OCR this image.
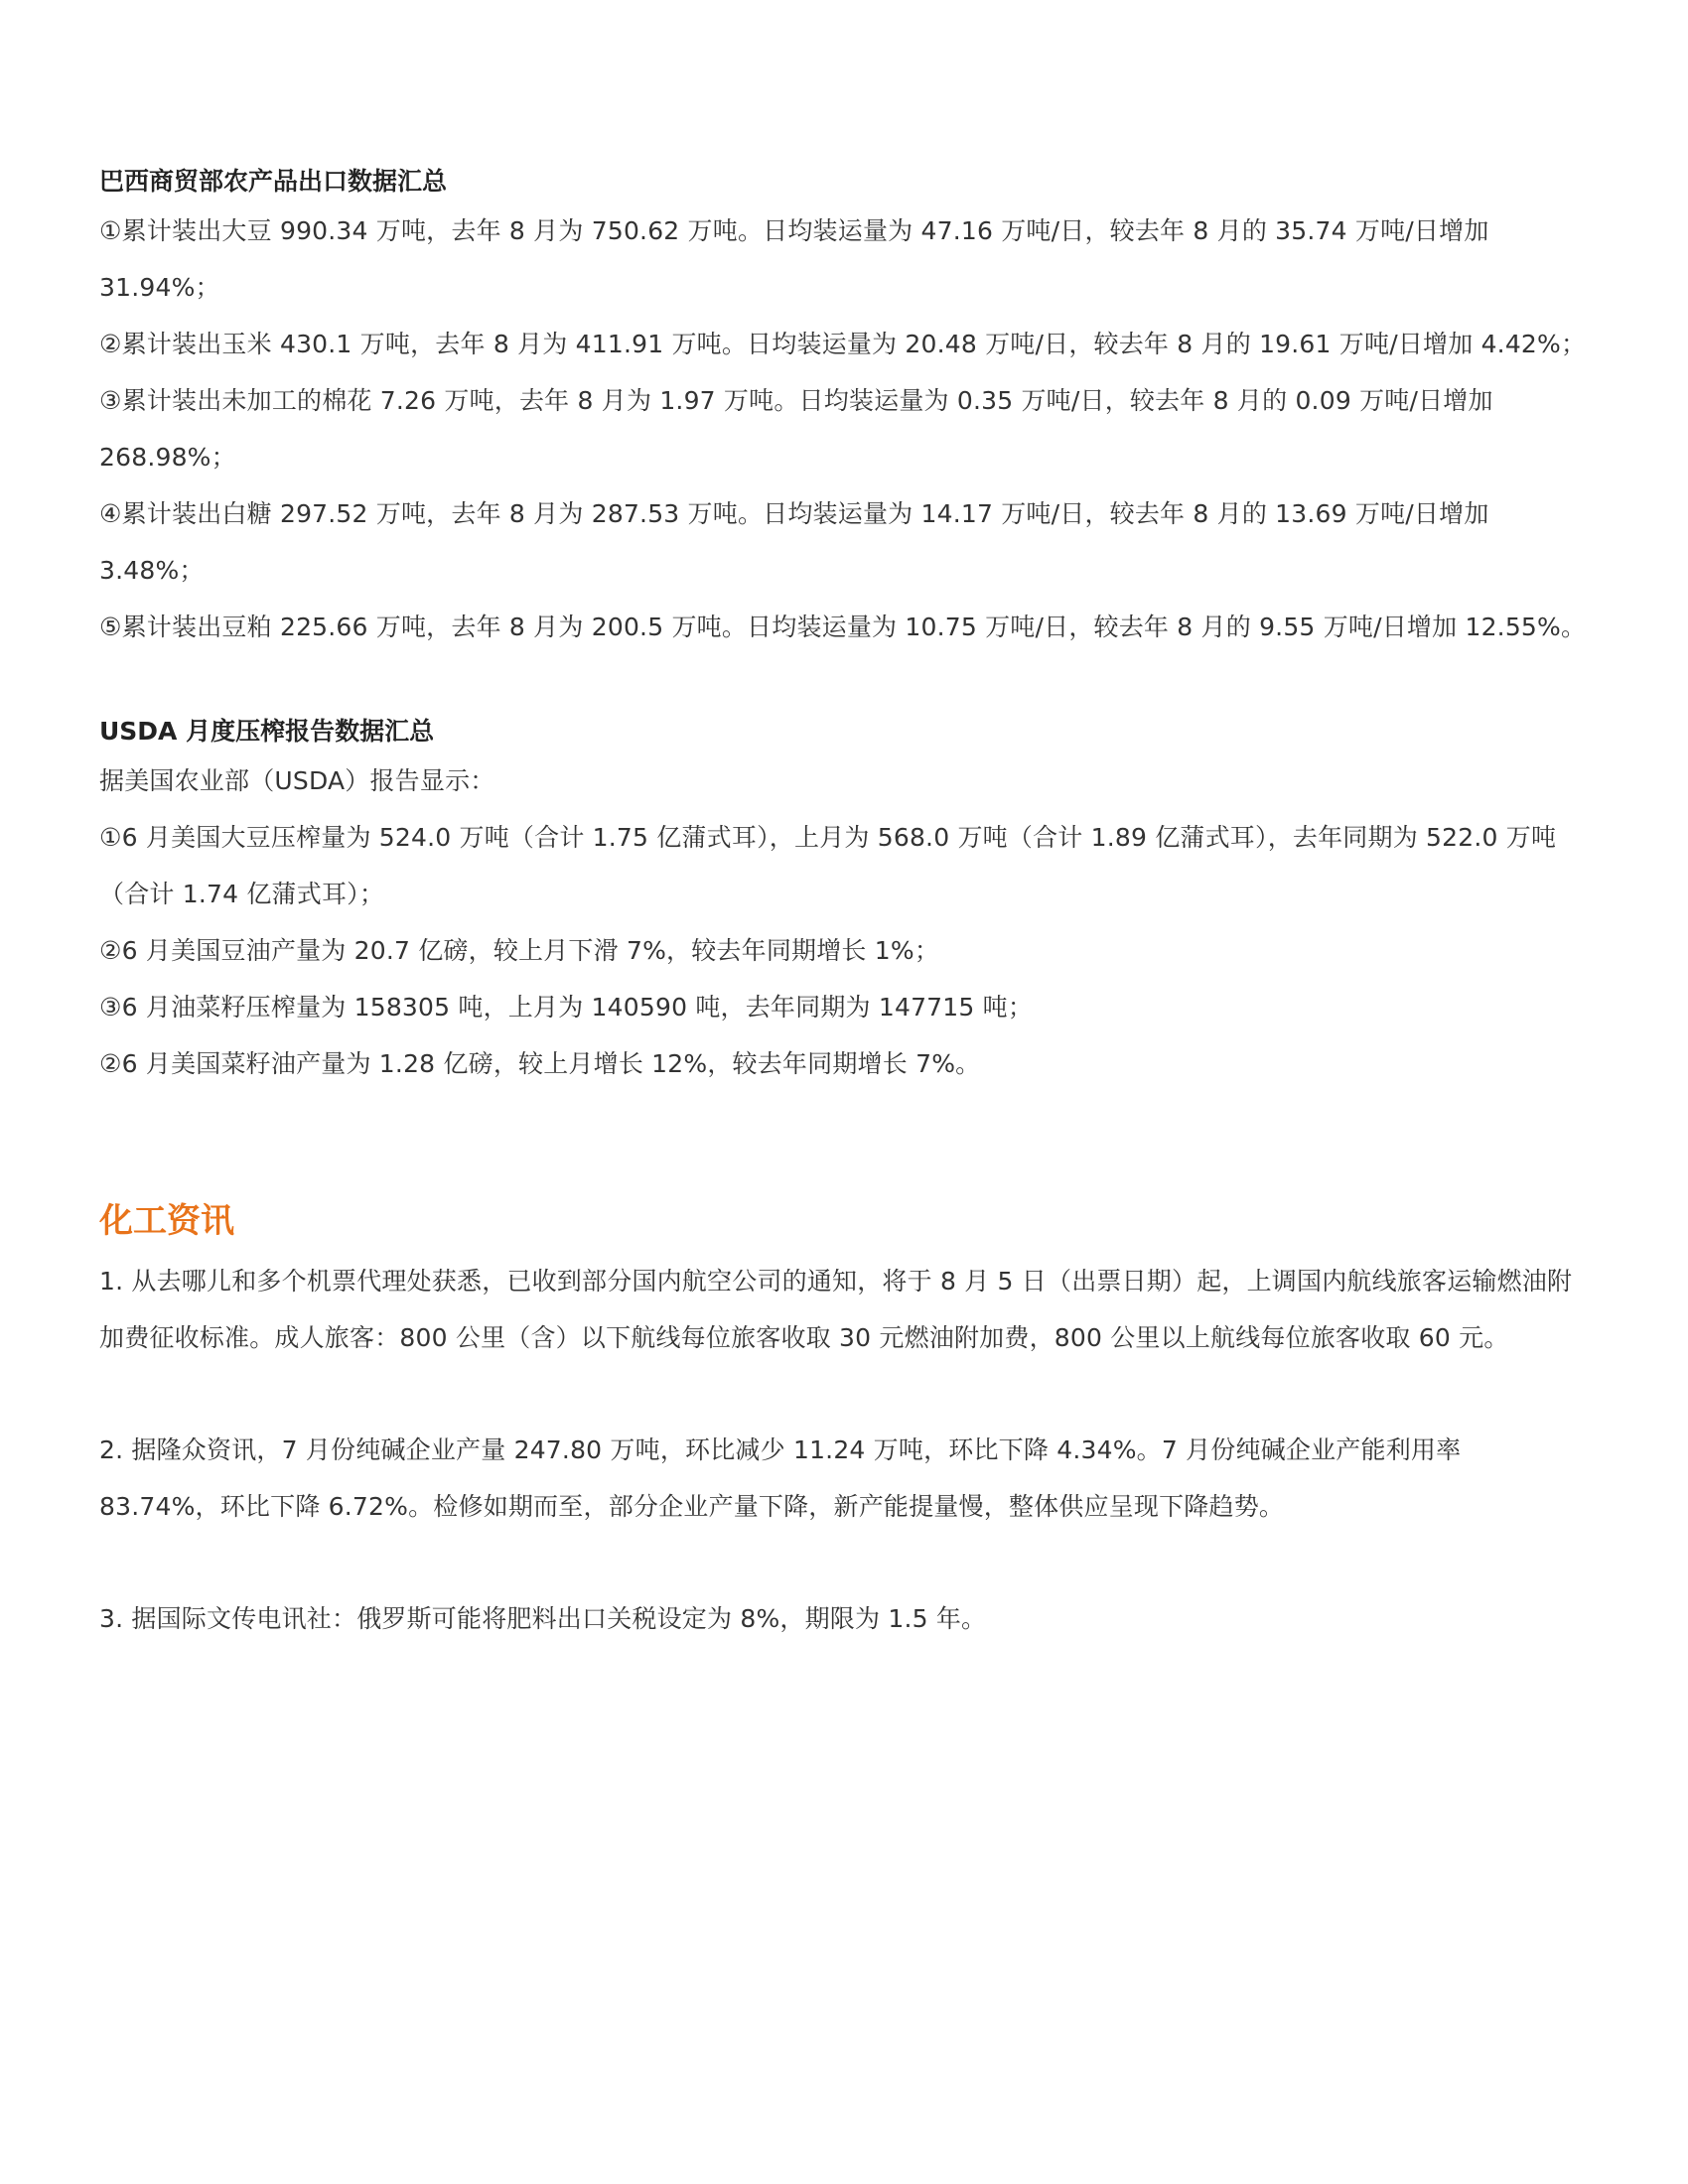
巴西商贸部农产品出口数据汇总

①累计装出大豆 990.34 万吨，去年 8 月为 750.62 万吨。日均装运量为 47.16 万吨/日，较去年 8 月的 35.74 万吨/日增加 31.94%；

②累计装出玉米 430.1 万吨，去年 8 月为 411.91 万吨。日均装运量为 20.48 万吨/日，较去年 8 月的 19.61 万吨/日增加 4.42%；

③累计装出未加工的棉花 7.26 万吨，去年 8 月为 1.97 万吨。日均装运量为 0.35 万吨/日，较去年 8 月的 0.09 万吨/日增加 268.98%；

④累计装出白糖 297.52 万吨，去年 8 月为 287.53 万吨。日均装运量为 14.17 万吨/日，较去年 8 月的 13.69 万吨/日增加 3.48%；

⑤累计装出豆粕 225.66 万吨，去年 8 月为 200.5 万吨。日均装运量为 10.75 万吨/日，较去年 8 月的 9.55 万吨/日增加 12.55%。

USDA 月度压榨报告数据汇总

据美国农业部（USDA）报告显示：

①6 月美国大豆压榨量为 524.0 万吨（合计 1.75 亿蒲式耳），上月为 568.0 万吨（合计 1.89 亿蒲式耳），去年同期为 522.0 万吨（合计 1.74 亿蒲式耳）；

②6 月美国豆油产量为 20.7 亿磅，较上月下滑 7%，较去年同期增长 1%；

③6 月油菜籽压榨量为 158305 吨，上月为 140590 吨，去年同期为 147715 吨；

②6 月美国菜籽油产量为 1.28 亿磅，较上月增长 12%，较去年同期增长 7%。

化工资讯

1. 从去哪儿和多个机票代理处获悉，已收到部分国内航空公司的通知，将于 8 月 5 日（出票日期）起，上调国内航线旅客运输燃油附加费征收标准。成人旅客：800 公里（含）以下航线每位旅客收取 30 元燃油附加费，800 公里以上航线每位旅客收取 60 元。

2. 据隆众资讯，7 月份纯碱企业产量 247.80 万吨，环比减少 11.24 万吨，环比下降 4.34%。7 月份纯碱企业产能利用率 83.74%，环比下降 6.72%。检修如期而至，部分企业产量下降，新产能提量慢，整体供应呈现下降趋势。

3. 据国际文传电讯社：俄罗斯可能将肥料出口关税设定为 8%，期限为 1.5 年。
